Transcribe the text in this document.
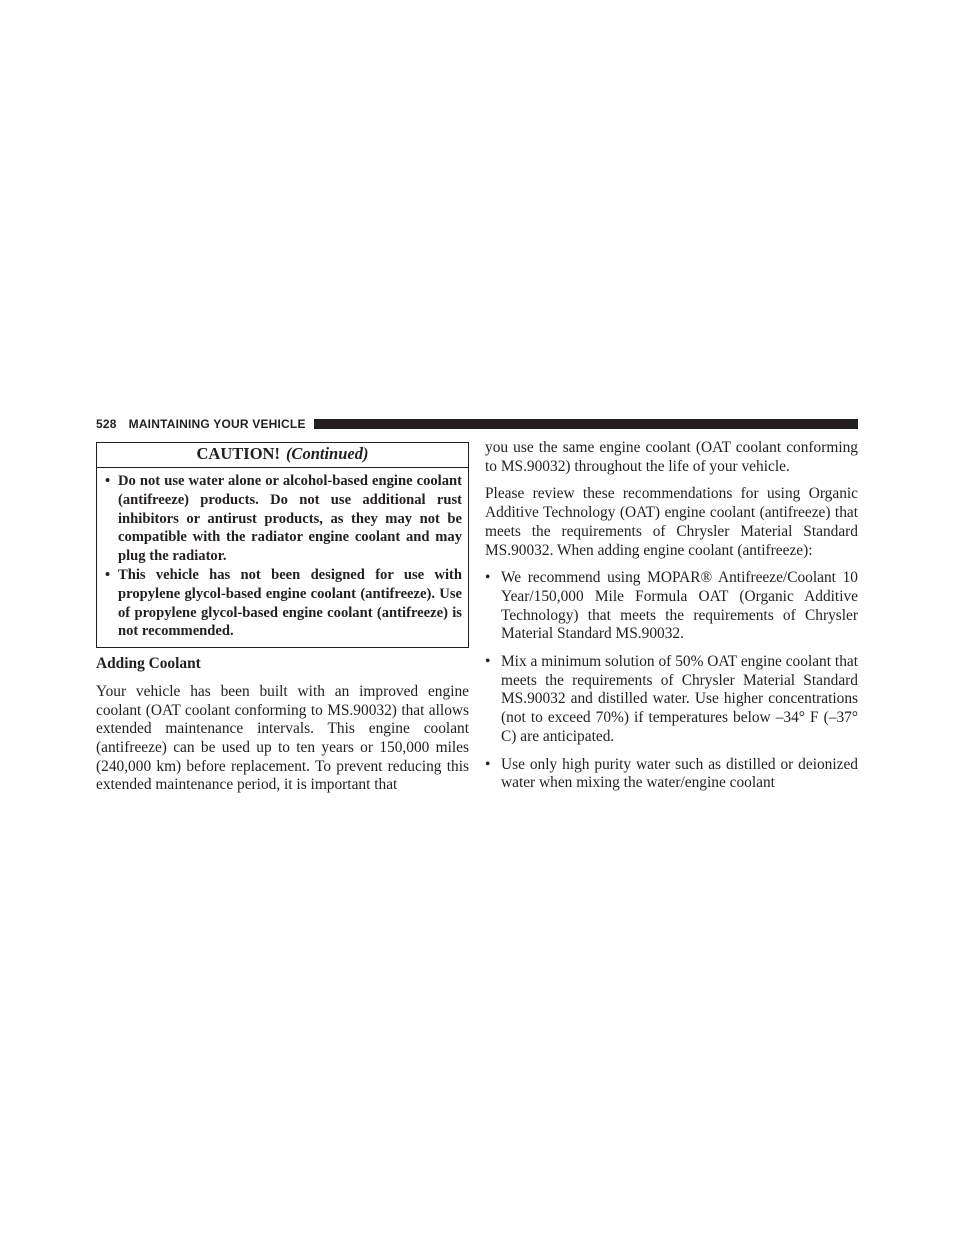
528 MAINTAINING YOUR VEHICLE
CAUTION! (Continued)
• Do not use water alone or alcohol-based engine coolant (antifreeze) products. Do not use additional rust inhibitors or antirust products, as they may not be compatible with the radiator engine coolant and may plug the radiator.
• This vehicle has not been designed for use with propylene glycol-based engine coolant (antifreeze). Use of propylene glycol-based engine coolant (antifreeze) is not recommended.
Adding Coolant

Your vehicle has been built with an improved engine coolant (OAT coolant conforming to MS.90032) that allows extended maintenance intervals. This engine coolant (antifreeze) can be used up to ten years or 150,000 miles (240,000 km) before replacement. To prevent reducing this extended maintenance period, it is important that

you use the same engine coolant (OAT coolant conforming to MS.90032) throughout the life of your vehicle.

Please review these recommendations for using Organic Additive Technology (OAT) engine coolant (antifreeze) that meets the requirements of Chrysler Material Standard MS.90032. When adding engine coolant (antifreeze):

• We recommend using MOPAR® Antifreeze/Coolant 10 Year/150,000 Mile Formula OAT (Organic Additive Technology) that meets the requirements of Chrysler Material Standard MS.90032.
• Mix a minimum solution of 50% OAT engine coolant that meets the requirements of Chrysler Material Standard MS.90032 and distilled water. Use higher concentrations (not to exceed 70%) if temperatures below –34° F (–37° C) are anticipated.
• Use only high purity water such as distilled or deionized water when mixing the water/engine coolant
